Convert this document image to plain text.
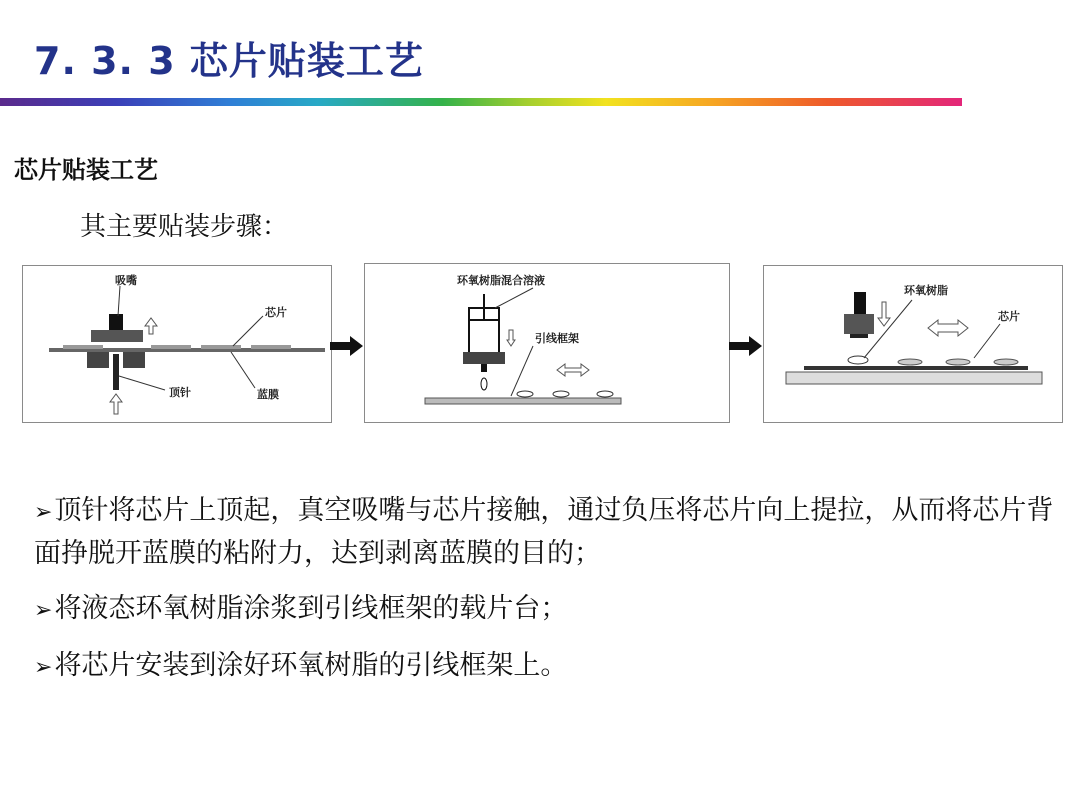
7. 3. 3 芯片贴装工艺
芯片贴装工艺
其主要贴装步骤：
吸嘴
芯片
顶针	蓝膜
环氧树脂混合溶液
引线框架
环氧树脂
芯片
➢顶针将芯片上顶起，真空吸嘴与芯片接触，通过负压将芯片向上提拉，从而将芯片背面挣脱开蓝膜的粘附力，达到剥离蓝膜的目的；
➢将液态环氧树脂涂浆到引线框架的载片台；
➢将芯片安装到涂好环氧树脂的引线框架上。
